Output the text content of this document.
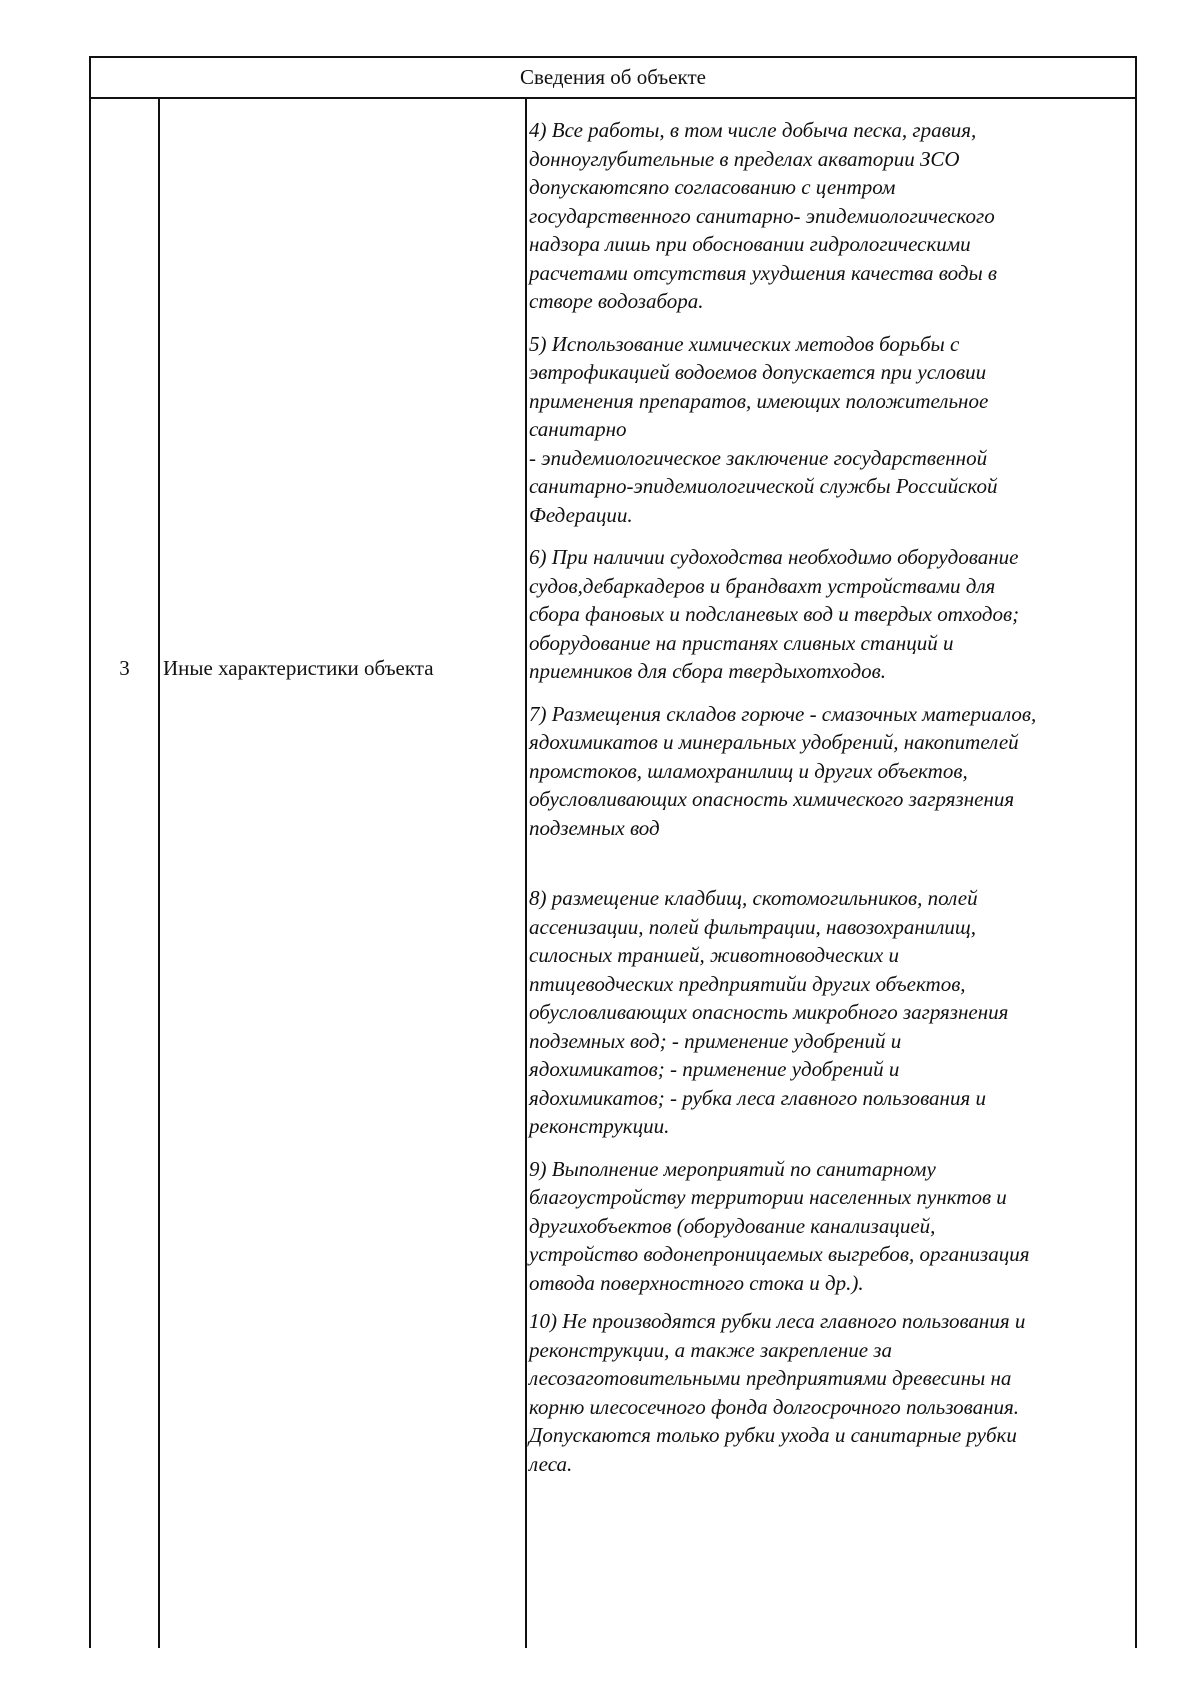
Сведения об объекте
3	Иные характеристики объекта

4) Все работы, в том числе добыча песка, гравия,
донноуглубительные в пределах акватории ЗСО
допускаютсяпо согласованию с центром
государственного санитарно- эпидемиологического
надзора лишь при обосновании гидрологическими
расчетами отсутствия ухудшения качества воды в
створе водозабора.

5) Использование химических методов борьбы с
эвтрофикацией водоемов допускается при условии
применения препаратов, имеющих положительное
санитарно
- эпидемиологическое заключение государственной
санитарно-эпидемиологической службы Российской
Федерации.

6) При наличии судоходства необходимо оборудование
судов,дебаркадеров и брандвахт устройствами для
сбора фановых и подсланевых вод и твердых отходов;
оборудование на пристанях сливных станций и
приемников для сбора твердыхотходов.

7) Размещения складов горюче - смазочных материалов,
ядохимикатов и минеральных удобрений, накопителей
промстоков, шламохранилищ и других объектов,
обусловливающих опасность химического загрязнения
подземных вод

8) размещение кладбищ, скотомогильников, полей
ассенизации, полей фильтрации, навозохранилищ,
силосных траншей, животноводческих и
птицеводческих предприятийи других объектов,
обусловливающих опасность микробного загрязнения
подземных вод; - применение удобрений и
ядохимикатов; - применение удобрений и
ядохимикатов; - рубка леса главного пользования и
реконструкции.

9) Выполнение мероприятий по санитарному
благоустройству территории населенных пунктов и
другихобъектов (оборудование канализацией,
устройство водонепроницаемых выгребов, организация
отвода поверхностного стока и др.).

10) Не производятся рубки леса главного пользования и
реконструкции, а также закрепление за
лесозаготовительными предприятиями древесины на
корню илесосечного фонда долгосрочного пользования.
Допускаются только рубки ухода и санитарные рубки
леса.
